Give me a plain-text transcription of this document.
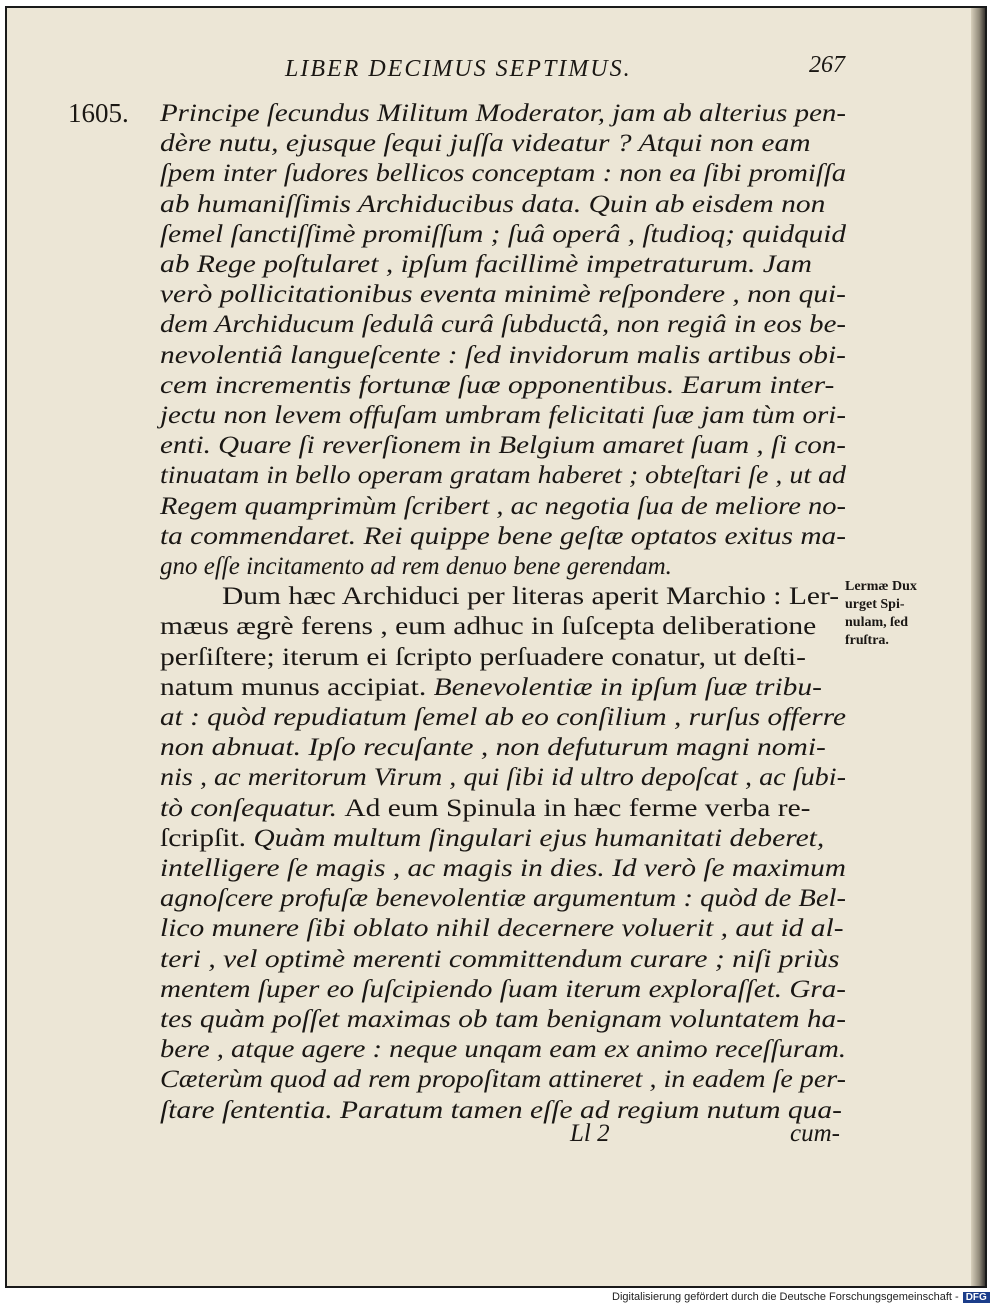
LIBER DECIMUS SEPTIMUS.	267
1605. Principe ſecundus Militum Moderator, jam ab alterius pen-
dère nutu, ejusque ſequi juſſa videatur ? Atqui non eam
ſpem inter ſudores bellicos conceptam : non ea ſibi promiſſa
ab humaniſſimis Archiducibus data. Quin ab eisdem non
ſemel ſanctiſſimè promiſſum ; ſuâ operâ , ſtudioq; quidquid
ab Rege poſtularet , ipſum facillimè impetraturum. Jam
verò pollicitationibus eventa minimè reſpondere , non qui-
dem Archiducum ſedulâ curâ ſubductâ, non regiâ in eos be-
nevolentiâ langueſcente : ſed invidorum malis artibus obi-
cem incrementis fortunæ ſuæ opponentibus. Earum inter-
jectu non levem offuſam umbram felicitati ſuæ jam tùm ori-
enti. Quare ſi reverſionem in Belgium amaret ſuam , ſi con-
tinuatam in bello operam gratam haberet ; obteſtari ſe , ut ad
Regem quamprimùm ſcribert , ac negotia ſua de meliore no-
ta commendaret. Rei quippe bene geſtæ optatos exitus ma-
gno eſſe incitamento ad rem denuo bene gerendam.
Dum hæc Archiduci per literas aperit Marchio : Ler-
mæus ægrè ferens , eum adhuc in ſuſcepta deliberatione
perſiſtere; iterum ei ſcripto perſuadere conatur, ut deſti-
natum munus accipiat. Benevolentiæ in ipſum ſuæ tribu-
at : quòd repudiatum ſemel ab eo conſilium , rurſus offerre
non abnuat. Ipſo recuſante , non defuturum magni nomi-
nis , ac meritorum Virum , qui ſibi id ultro depoſcat , ac ſubi-
tò conſequatur. Ad eum Spinula in hæc ferme verba re-
ſcripſit. Quàm multum ſingulari ejus humanitati deberet,
intelligere ſe magis , ac magis in dies. Id verò ſe maximum
agnoſcere profuſæ benevolentiæ argumentum : quòd de Bel-
lico munere ſibi oblato nihil decernere voluerit , aut id al-
teri , vel optimè merenti committendum curare ; niſi priùs
mentem ſuper eo ſuſcipiendo ſuam iterum exploraſſet. Gra-
tes quàm poſſet maximas ob tam benignam voluntatem ha-
bere , atque agere : neque unqam eam ex animo receſſuram.
Cæterùm quod ad rem propoſitam attineret , in eadem ſe per-
ſtare ſententia. Paratum tamen eſſe ad regium nutum qua-
Lermæ Dux
urget Spi-
nulam, ſed
fruſtra.
Ll 2	cum-
Digitalisierung gefördert durch die Deutsche Forschungsgemeinschaft - DFG
